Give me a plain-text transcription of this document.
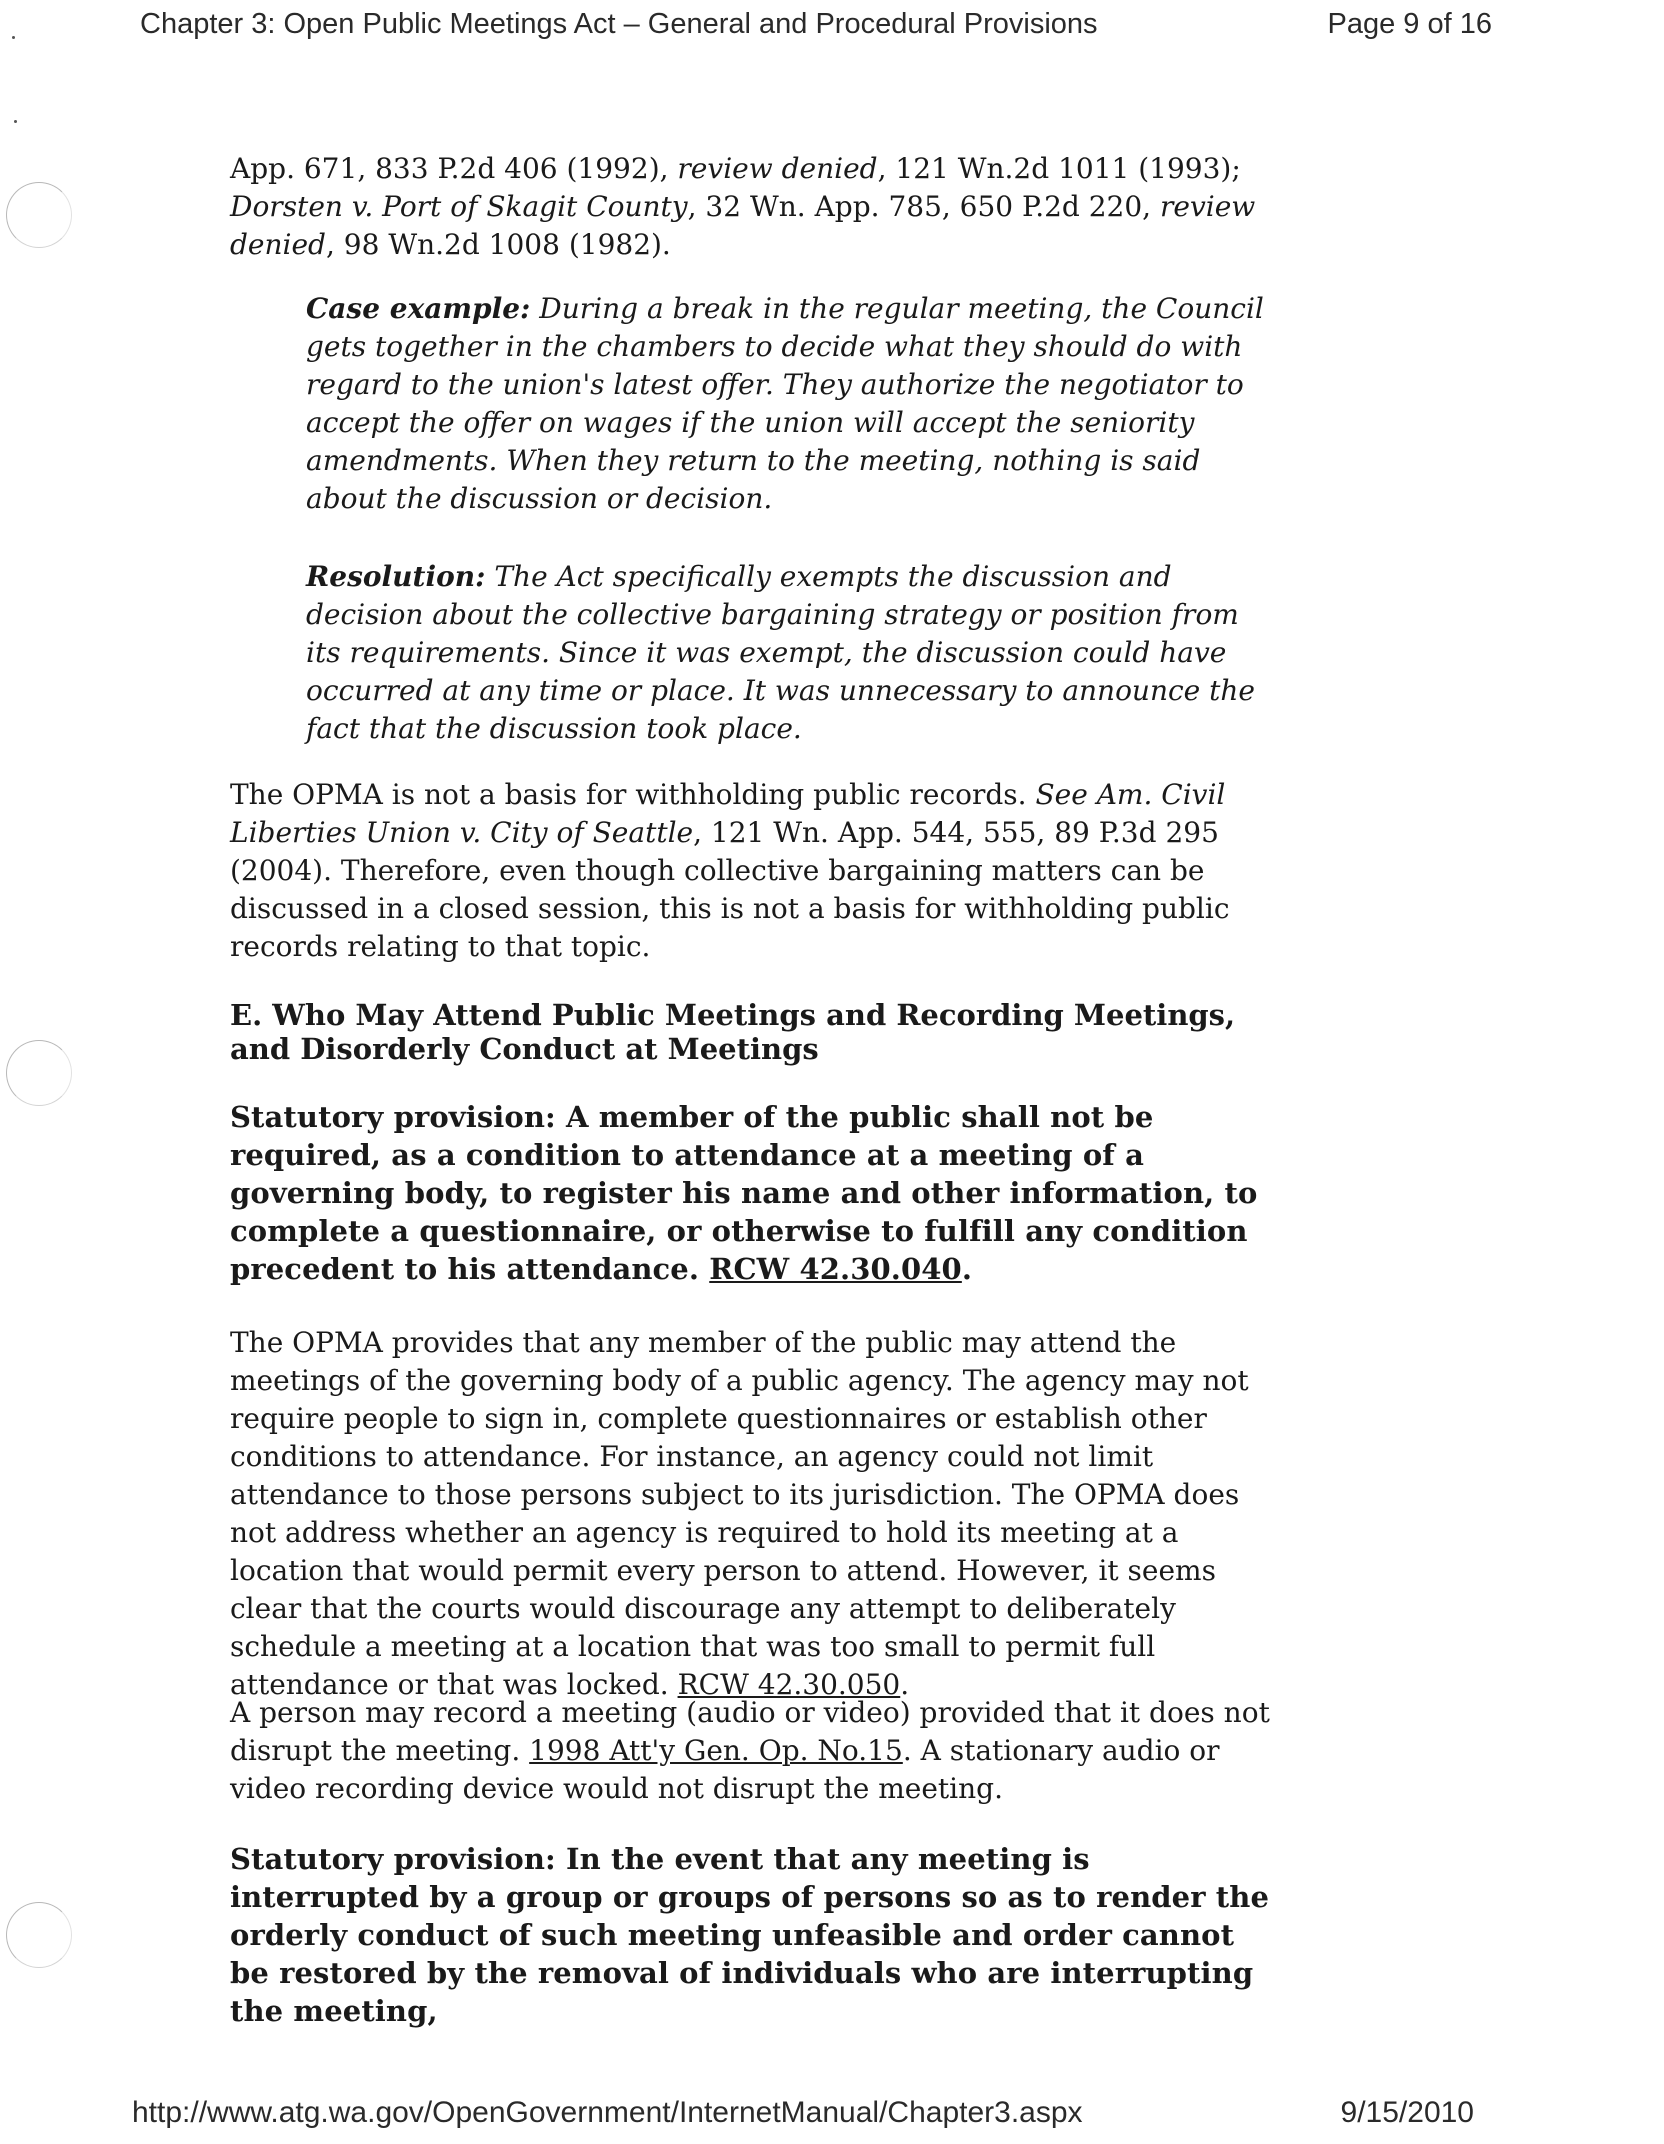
Chapter 3: Open Public Meetings Act – General and Procedural Provisions	Page 9 of 16

App. 671, 833 P.2d 406 (1992), review denied, 121 Wn.2d 1011 (1993); Dorsten v. Port of Skagit County, 32 Wn. App. 785, 650 P.2d 220, review denied, 98 Wn.2d 1008 (1982).

Case example: During a break in the regular meeting, the Council gets together in the chambers to decide what they should do with regard to the union's latest offer. They authorize the negotiator to accept the offer on wages if the union will accept the seniority amendments. When they return to the meeting, nothing is said about the discussion or decision.

Resolution: The Act specifically exempts the discussion and decision about the collective bargaining strategy or position from its requirements. Since it was exempt, the discussion could have occurred at any time or place. It was unnecessary to announce the fact that the discussion took place.

The OPMA is not a basis for withholding public records. See Am. Civil Liberties Union v. City of Seattle, 121 Wn. App. 544, 555, 89 P.3d 295 (2004). Therefore, even though collective bargaining matters can be discussed in a closed session, this is not a basis for withholding public records relating to that topic.

E. Who May Attend Public Meetings and Recording Meetings, and Disorderly Conduct at Meetings

Statutory provision: A member of the public shall not be required, as a condition to attendance at a meeting of a governing body, to register his name and other information, to complete a questionnaire, or otherwise to fulfill any condition precedent to his attendance. RCW 42.30.040.

The OPMA provides that any member of the public may attend the meetings of the governing body of a public agency. The agency may not require people to sign in, complete questionnaires or establish other conditions to attendance. For instance, an agency could not limit attendance to those persons subject to its jurisdiction. The OPMA does not address whether an agency is required to hold its meeting at a location that would permit every person to attend. However, it seems clear that the courts would discourage any attempt to deliberately schedule a meeting at a location that was too small to permit full attendance or that was locked. RCW 42.30.050.

A person may record a meeting (audio or video) provided that it does not disrupt the meeting. 1998 Att'y Gen. Op. No.15. A stationary audio or video recording device would not disrupt the meeting.

Statutory provision: In the event that any meeting is interrupted by a group or groups of persons so as to render the orderly conduct of such meeting unfeasible and order cannot be restored by the removal of individuals who are interrupting the meeting,

http://www.atg.wa.gov/OpenGovernment/InternetManual/Chapter3.aspx	9/15/2010
